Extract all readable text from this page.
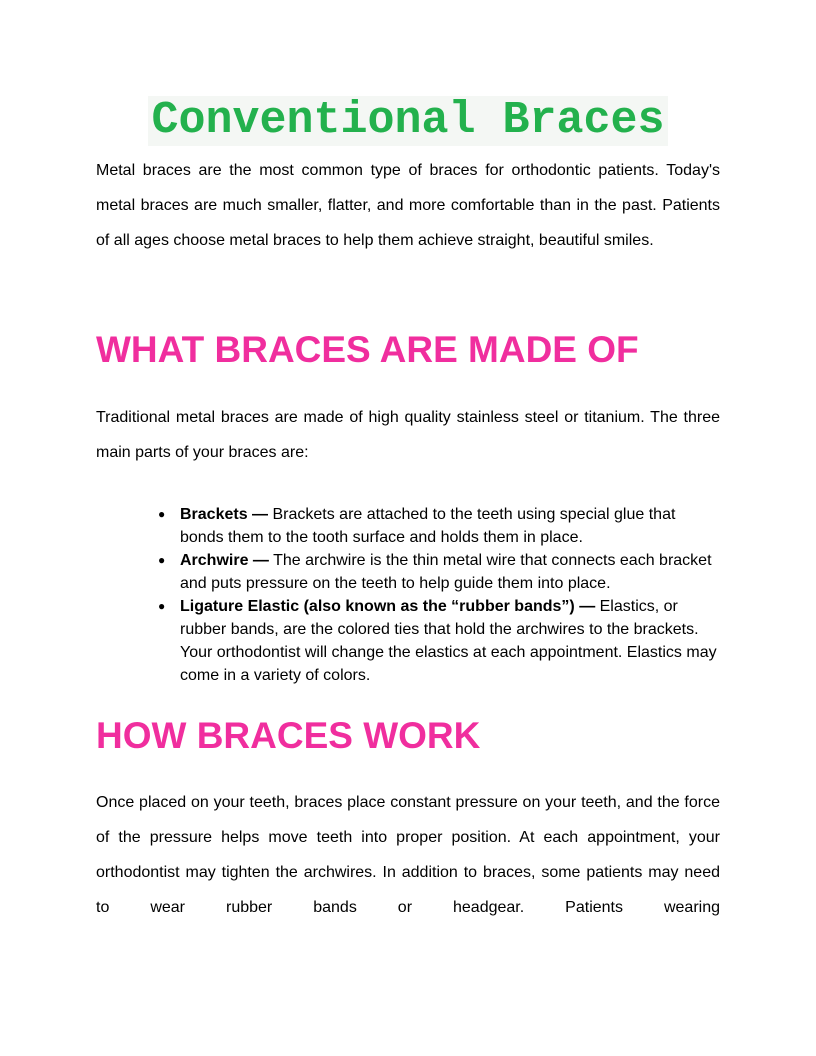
Conventional Braces

Metal braces are the most common type of braces for orthodontic patients. Today's metal braces are much smaller, flatter, and more comfortable than in the past. Patients of all ages choose metal braces to help them achieve straight, beautiful smiles.

WHAT BRACES ARE MADE OF

Traditional metal braces are made of high quality stainless steel or titanium. The three main parts of your braces are:

● Brackets — Brackets are attached to the teeth using special glue that bonds them to the tooth surface and holds them in place.
● Archwire — The archwire is the thin metal wire that connects each bracket and puts pressure on the teeth to help guide them into place.
● Ligature Elastic (also known as the “rubber bands”) — Elastics, or rubber bands, are the colored ties that hold the archwires to the brackets. Your orthodontist will change the elastics at each appointment. Elastics may come in a variety of colors.
HOW BRACES WORK

Once placed on your teeth, braces place constant pressure on your teeth, and the force of the pressure helps move teeth into proper position. At each appointment, your orthodontist may tighten the archwires. In addition to braces, some patients may need to wear rubber bands or headgear. Patients wearing
